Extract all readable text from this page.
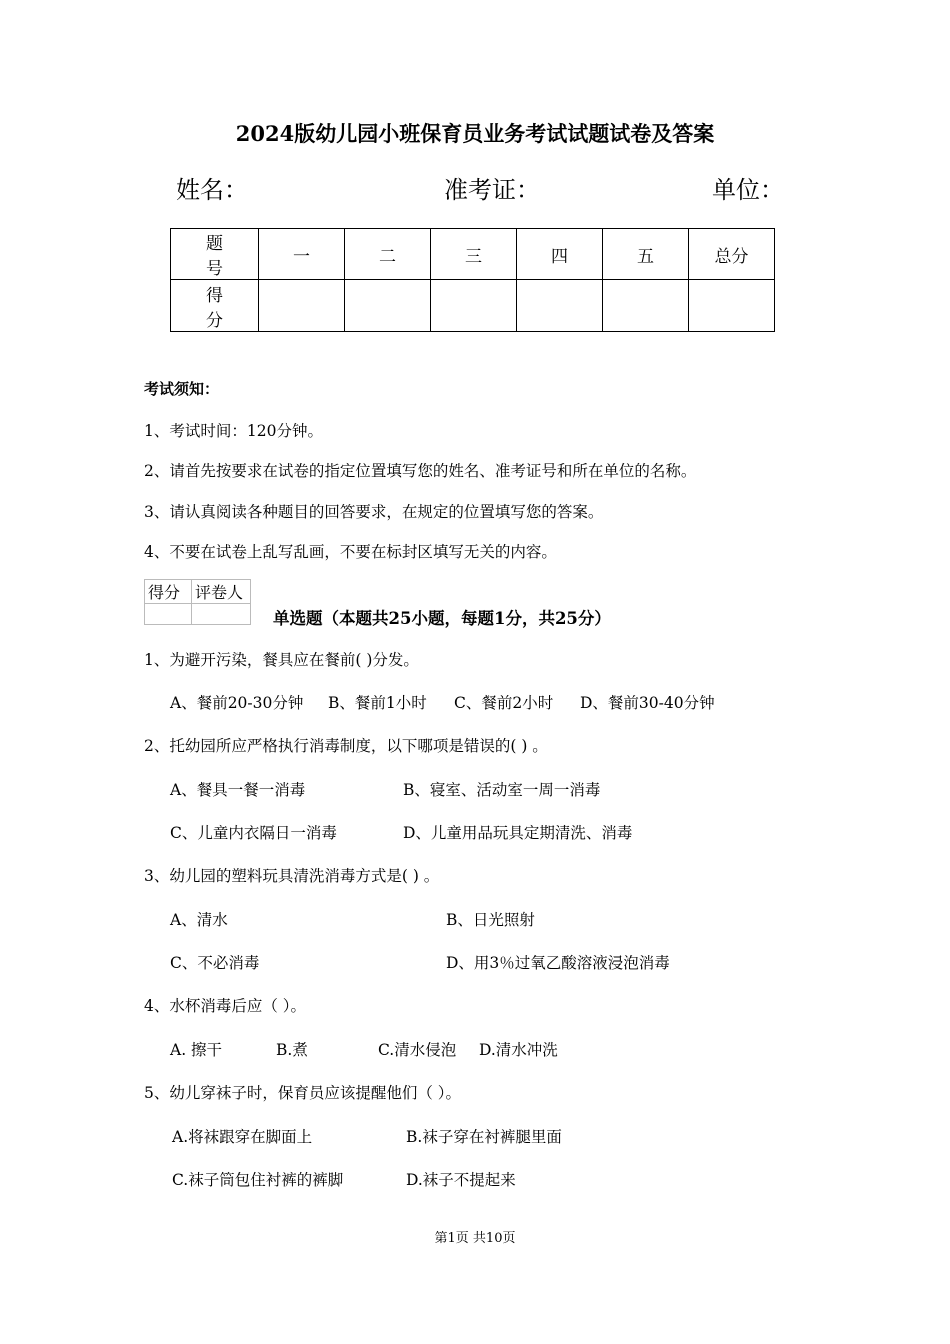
2024版幼儿园小班保育员业务考试试题试卷及答案
姓名：	准考证：	单位：
题号	一	二	三	四	五	总分
得分						
考试须知：
1、考试时间：120分钟。
2、请首先按要求在试卷的指定位置填写您的姓名、准考证号和所在单位的名称。
3、请认真阅读各种题目的回答要求，在规定的位置填写您的答案。
4、不要在试卷上乱写乱画，不要在标封区填写无关的内容。
得分	评卷人

单选题（本题共25小题，每题1分，共25分）
1、为避开污染，餐具应在餐前( )分发。
A、餐前20-30分钟 B、餐前1小时 C、餐前2小时 D、餐前30-40分钟
2、托幼园所应严格执行消毒制度，以下哪项是错误的( ) 。
A、餐具一餐一消毒	B、寝室、活动室一周一消毒
C、儿童内衣隔日一消毒	D、儿童用品玩具定期清洗、消毒
3、幼儿园的塑料玩具清洗消毒方式是( ) 。
A、清水	B、日光照射
C、不必消毒	D、用3％过氧乙酸溶液浸泡消毒
4、水杯消毒后应（ ）。
A. 擦干	B.煮	C.清水侵泡 D.清水冲洗
5、幼儿穿袜子时，保育员应该提醒他们（ ）。
A.将袜跟穿在脚面上	B.袜子穿在衬裤腿里面
C.袜子筒包住衬裤的裤脚	D.袜子不提起来
第1页 共10页
